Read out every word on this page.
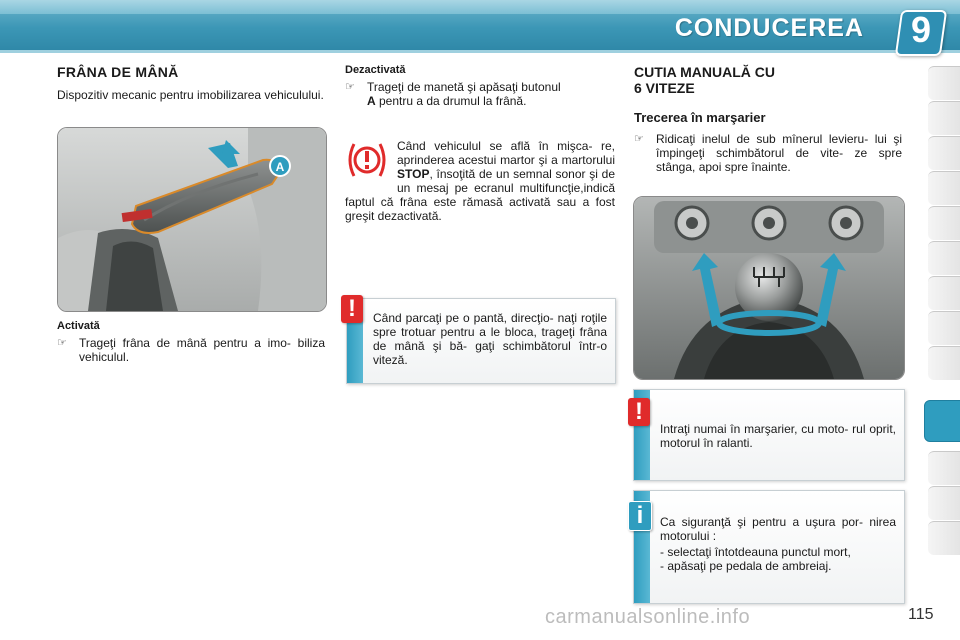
CONDUCEREA	9
FRÂNA DE MÂNĂ
Dispozitiv mecanic pentru imobilizarea vehiculului.
A
Activată
☞	Trageţi frâna de mână pentru a imo- biliza vehiculul.
Dezactivată
☞	Trageţi de manetă şi apăsaţi butonul
A pentru a da drumul la frână.
Când vehiculul se află în mişca- re, aprinderea acestui martor şi a martorului STOP, însoţită de un semnal sonor şi de un mesaj pe ecranul multifuncţie,indică faptul că frâna este rămasă activată sau a fost greşit dezactivată.
!	Când parcaţi pe o pantă, direcţio- naţi roţile spre trotuar pentru a le bloca, trageţi frâna de mână şi bă- gaţi schimbătorul într-o viteză.
CUTIA MANUALĂ CU
6 VITEZE
Trecerea în marşarier
☞	Ridicaţi inelul de sub mînerul levieru- lui şi împingeţi schimbătorul de vite- ze spre stânga, apoi spre înainte.
!
Intraţi numai în marşarier, cu moto- rul oprit, motorul în ralanti.
i	Ca siguranţă şi pentru a uşura por- nirea motorului :
- selectaţi întotdeauna punctul mort,
- apăsaţi pe pedala de ambreiaj.
carmanualsonline.info	115
